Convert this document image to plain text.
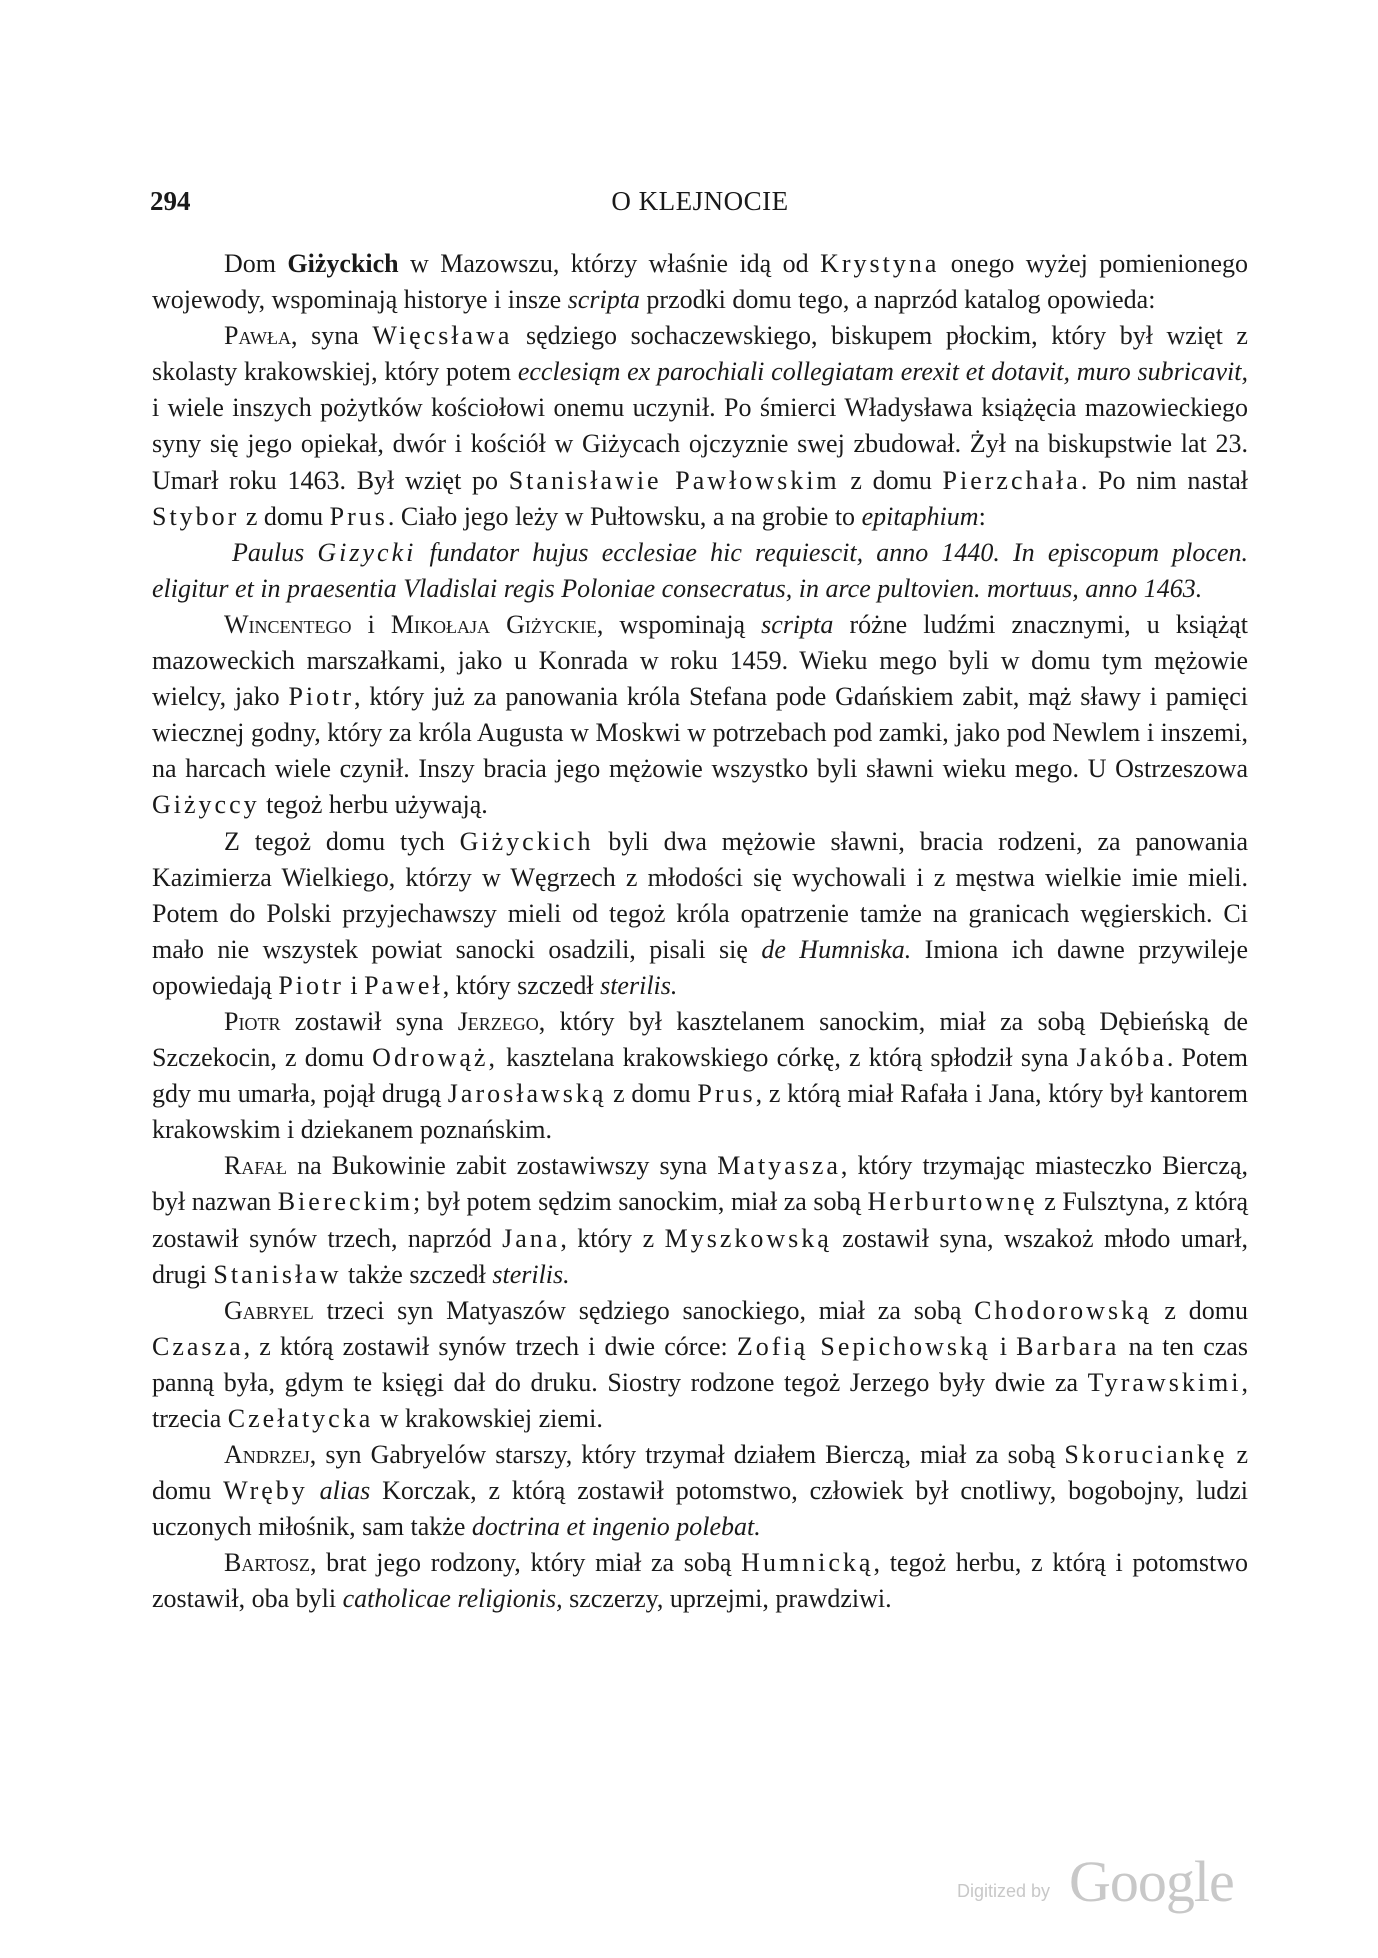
294	O KLEJNOCIE

Dom Giżyckich w Mazowszu, którzy właśnie idą od Krystyna onego wyżej pomienionego wojewody, wspominają historye i insze scripta przodki domu tego, a naprzód katalog opowieda:

Pawła, syna Więcsława sędziego sochaczewskiego, biskupem płockim, który był wzięt z skolasty krakowskiej, który potem ecclesiąm ex parochiali collegiatam erexit et dotavit, muro subricavit, i wiele inszych pożytków kościołowi onemu uczynił. Po śmierci Władysława książęcia mazowieckiego syny się jego opiekał, dwór i kościół w Giżycach ojczyznie swej zbudował. Żył na biskupstwie lat 23. Umarł roku 1463. Był wzięt po Stanisławie Pawłowskim z domu Pierzchała. Po nim nastał Stybor z domu Prus. Ciało jego leży w Pułtowsku, a na grobie to epitaphium:

Paulus Gizycki fundator hujus ecclesiae hic requiescit, anno 1440. In episcopum plocen. eligitur et in praesentia Vladislai regis Poloniae consecratus, in arce pultovien. mortuus, anno 1463.

Wincentego i Mikołaja Giżyckie, wspominają scripta różne ludźmi znacznymi, u książąt mazoweckich marszałkami, jako u Konrada w roku 1459. Wieku mego byli w domu tym mężowie wielcy, jako Piotr, który już za panowania króla Stefana pode Gdańskiem zabit, mąż sławy i pamięci wiecznej godny, który za króla Augusta w Moskwi w potrzebach pod zamki, jako pod Newlem i inszemi, na harcach wiele czynił. Inszy bracia jego mężowie wszystko byli sławni wieku mego. U Ostrzeszowa Giżyccy tegoż herbu używają.

Z tegoż domu tych Giżyckich byli dwa mężowie sławni, bracia rodzeni, za panowania Kazimierza Wielkiego, którzy w Węgrzech z młodości się wychowali i z męstwa wielkie imie mieli. Potem do Polski przyjechawszy mieli od tegoż króla opatrzenie tamże na granicach węgierskich. Ci mało nie wszystek powiat sanocki osadzili, pisali się de Humniska. Imiona ich dawne przywileje opowiedają Piotr i Paweł, który szczedł sterilis.

Piotr zostawił syna Jerzego, który był kasztelanem sanockim, miał za sobą Dębieńską de Szczekocin, z domu Odrowąż, kasztelana krakowskiego córkę, z którą spłodził syna Jakóba. Potem gdy mu umarła, pojął drugą Jarosławską z domu Prus, z którą miał Rafała i Jana, który był kantorem krakowskim i dziekanem poznańskim.

Rafał na Bukowinie zabit zostawiwszy syna Matyasza, który trzymając miasteczko Bierczą, był nazwan Biereckim; był potem sędzim sanockim, miał za sobą Herburtownę z Fulsztyna, z którą zostawił synów trzech, naprzód Jana, który z Myszkowską zostawił syna, wszakoż młodo umarł, drugi Stanisław także szczedł sterilis.

Gabryel trzeci syn Matyaszów sędziego sanockiego, miał za sobą Chodorowską z domu Czasza, z którą zostawił synów trzech i dwie córce: Zofią Sepichowską i Barbara na ten czas panną była, gdym te księgi dał do druku. Siostry rodzone tegoż Jerzego były dwie za Tyrawskimi, trzecia Czełatycka w krakowskiej ziemi.

Andrzej, syn Gabryelów starszy, który trzymał działem Bierczą, miał za sobą Skoruciankę z domu Wręby alias Korczak, z którą zostawił potomstwo, człowiek był cnotliwy, bogobojny, ludzi uczonych miłośnik, sam także doctrina et ingenio polebat.

Bartosz, brat jego rodzony, który miał za sobą Humnicką, tegoż herbu, z którą i potomstwo zostawił, oba byli catholicae religionis, szczerzy, uprzejmi, prawdziwi.

Digitized by Google
